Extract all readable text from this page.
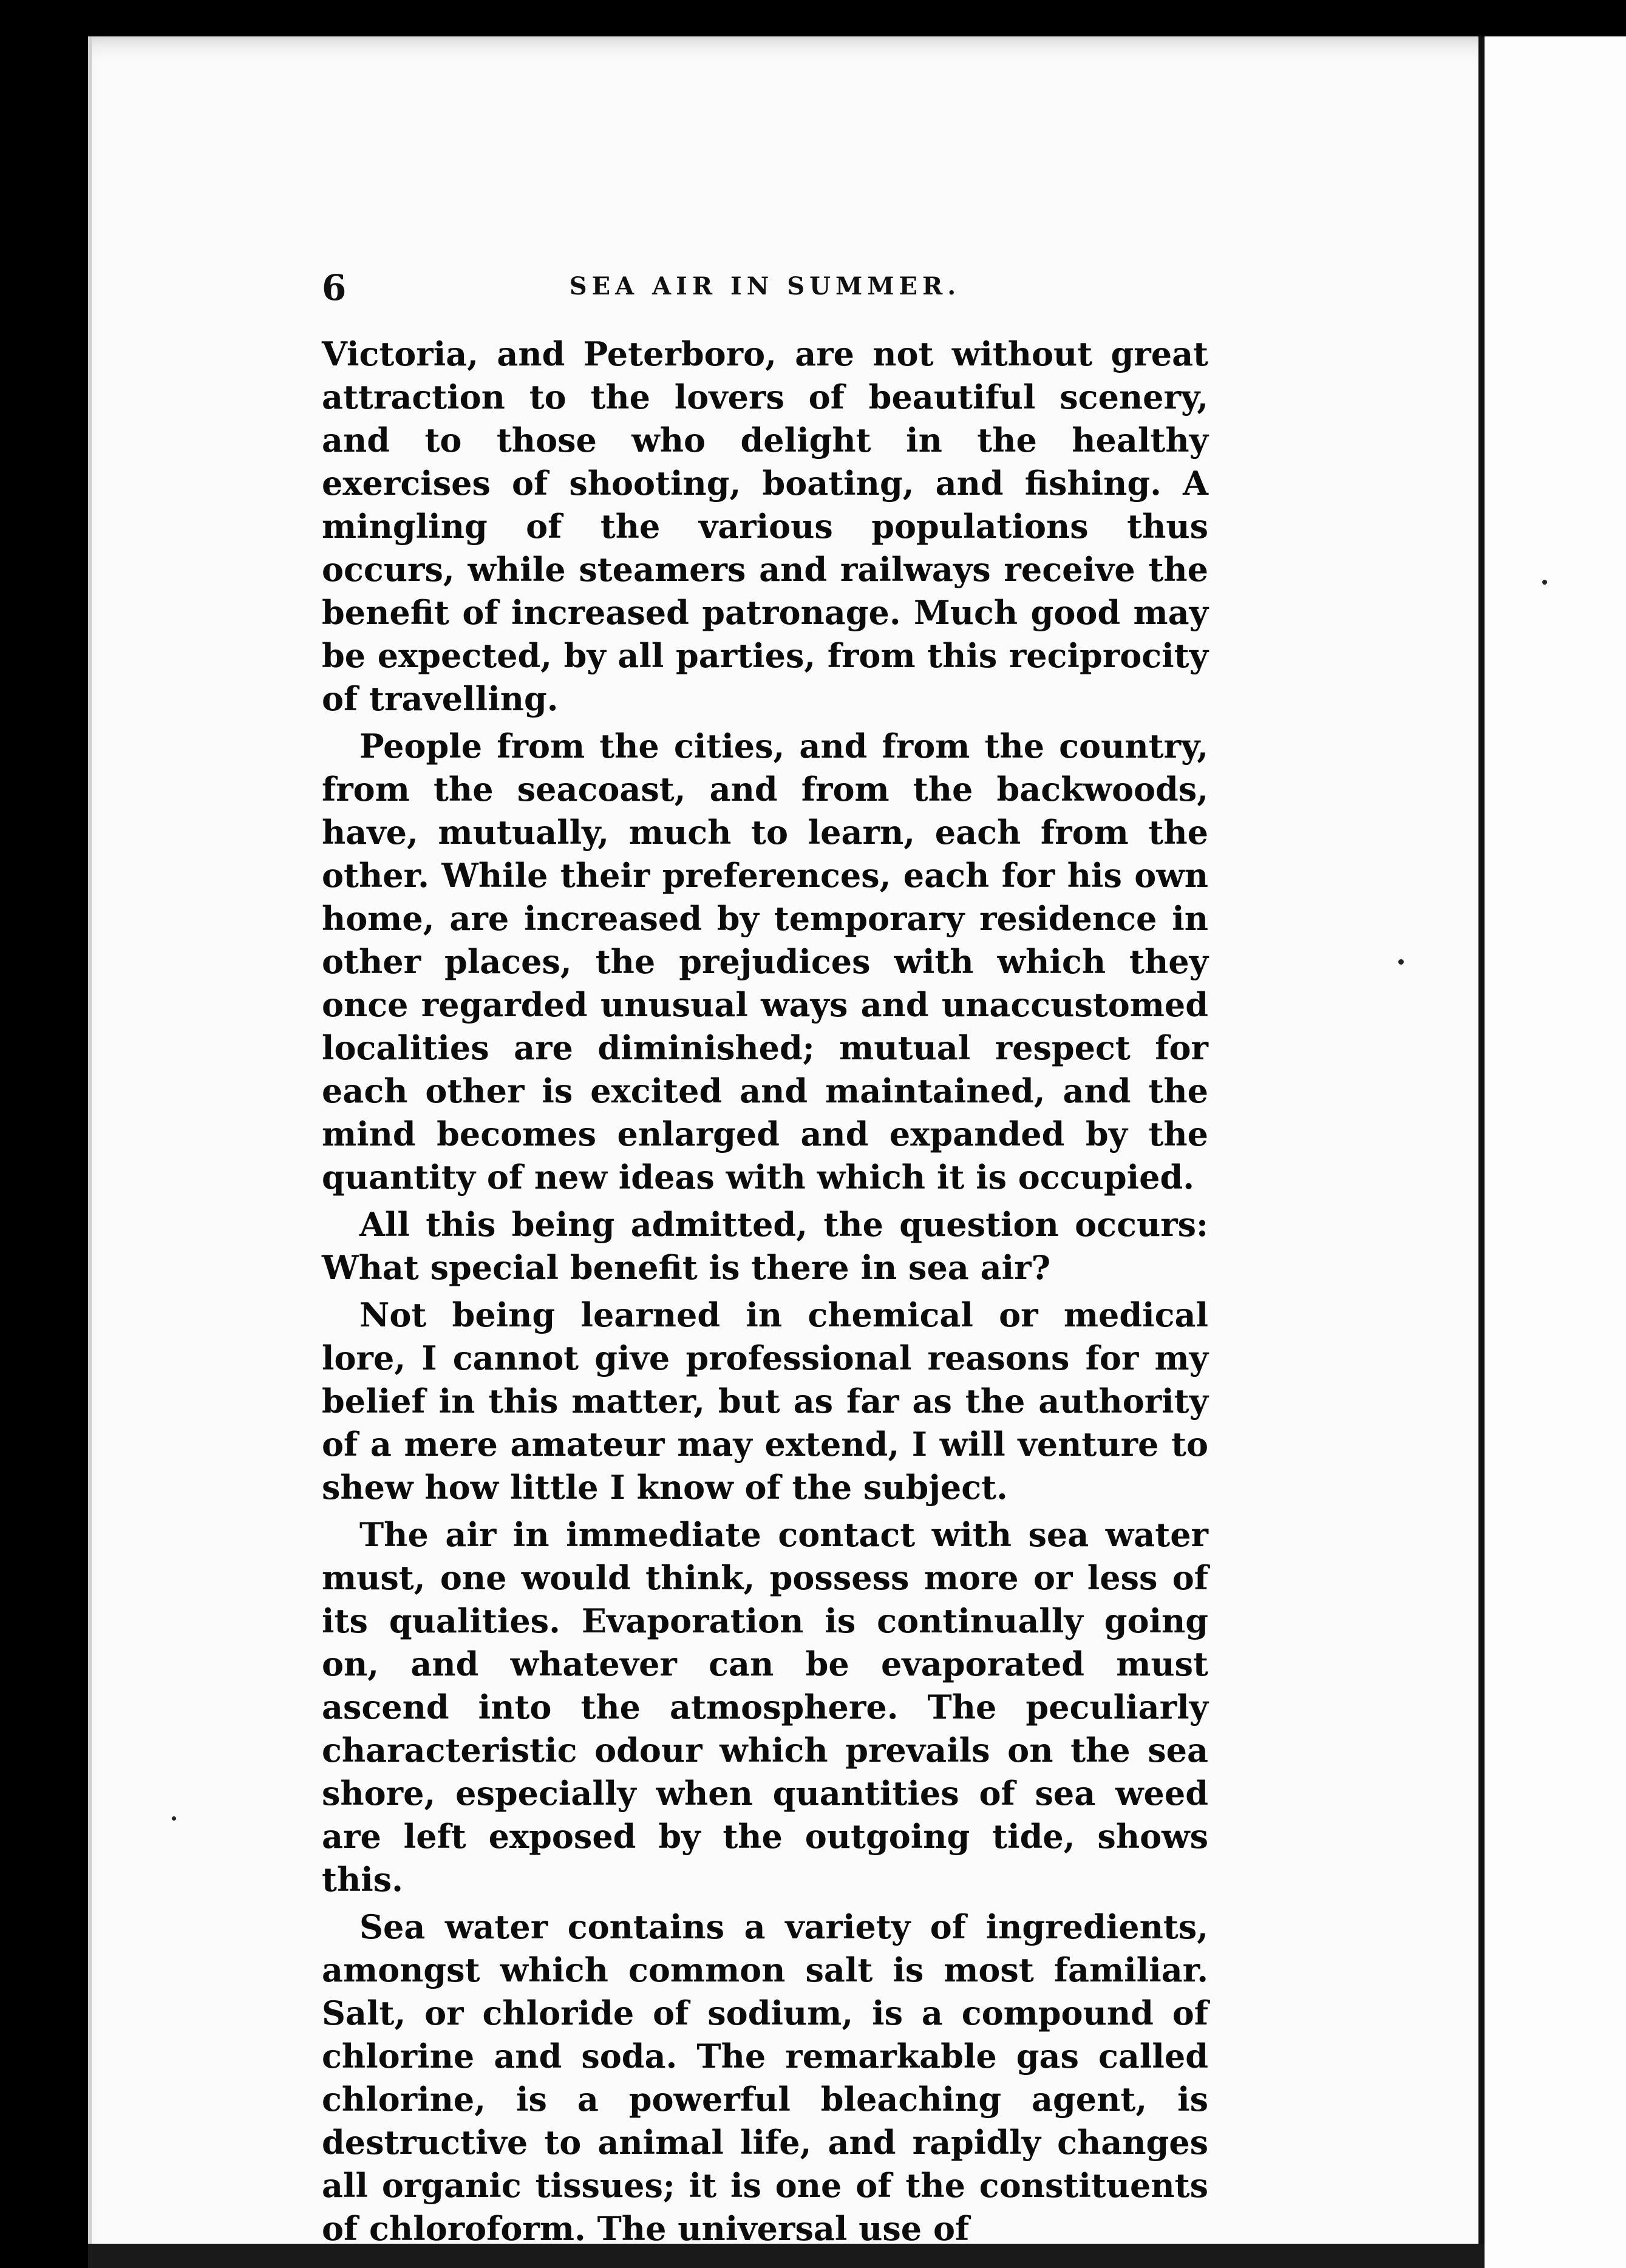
6	SEA AIR IN SUMMER.

Victoria, and Peterboro, are not without great attraction to the lovers of beautiful scenery, and to those who delight in the healthy exercises of shooting, boating, and fishing. A mingling of the various populations thus occurs, while steamers and railways receive the benefit of increased patronage. Much good may be expected, by all parties, from this reciprocity of travelling.

People from the cities, and from the country, from the seacoast, and from the backwoods, have, mutually, much to learn, each from the other. While their preferences, each for his own home, are increased by temporary residence in other places, the prejudices with which they once regarded unusual ways and unaccustomed localities are diminished; mutual respect for each other is excited and maintained, and the mind becomes enlarged and expanded by the quantity of new ideas with which it is occupied.

All this being admitted, the question occurs: What special benefit is there in sea air?

Not being learned in chemical or medical lore, I cannot give professional reasons for my belief in this matter, but as far as the authority of a mere amateur may extend, I will venture to shew how little I know of the subject.

The air in immediate contact with sea water must, one would think, possess more or less of its qualities. Evaporation is continually going on, and whatever can be evaporated must ascend into the atmosphere. The peculiarly characteristic odour which prevails on the sea shore, especially when quantities of sea weed are left exposed by the outgoing tide, shows this.

Sea water contains a variety of ingredients, amongst which common salt is most familiar. Salt, or chloride of sodium, is a compound of chlorine and soda. The remarkable gas called chlorine, is a powerful bleaching agent, is destructive to animal life, and rapidly changes all organic tissues; it is one of the constituents of chloroform. The universal use of
